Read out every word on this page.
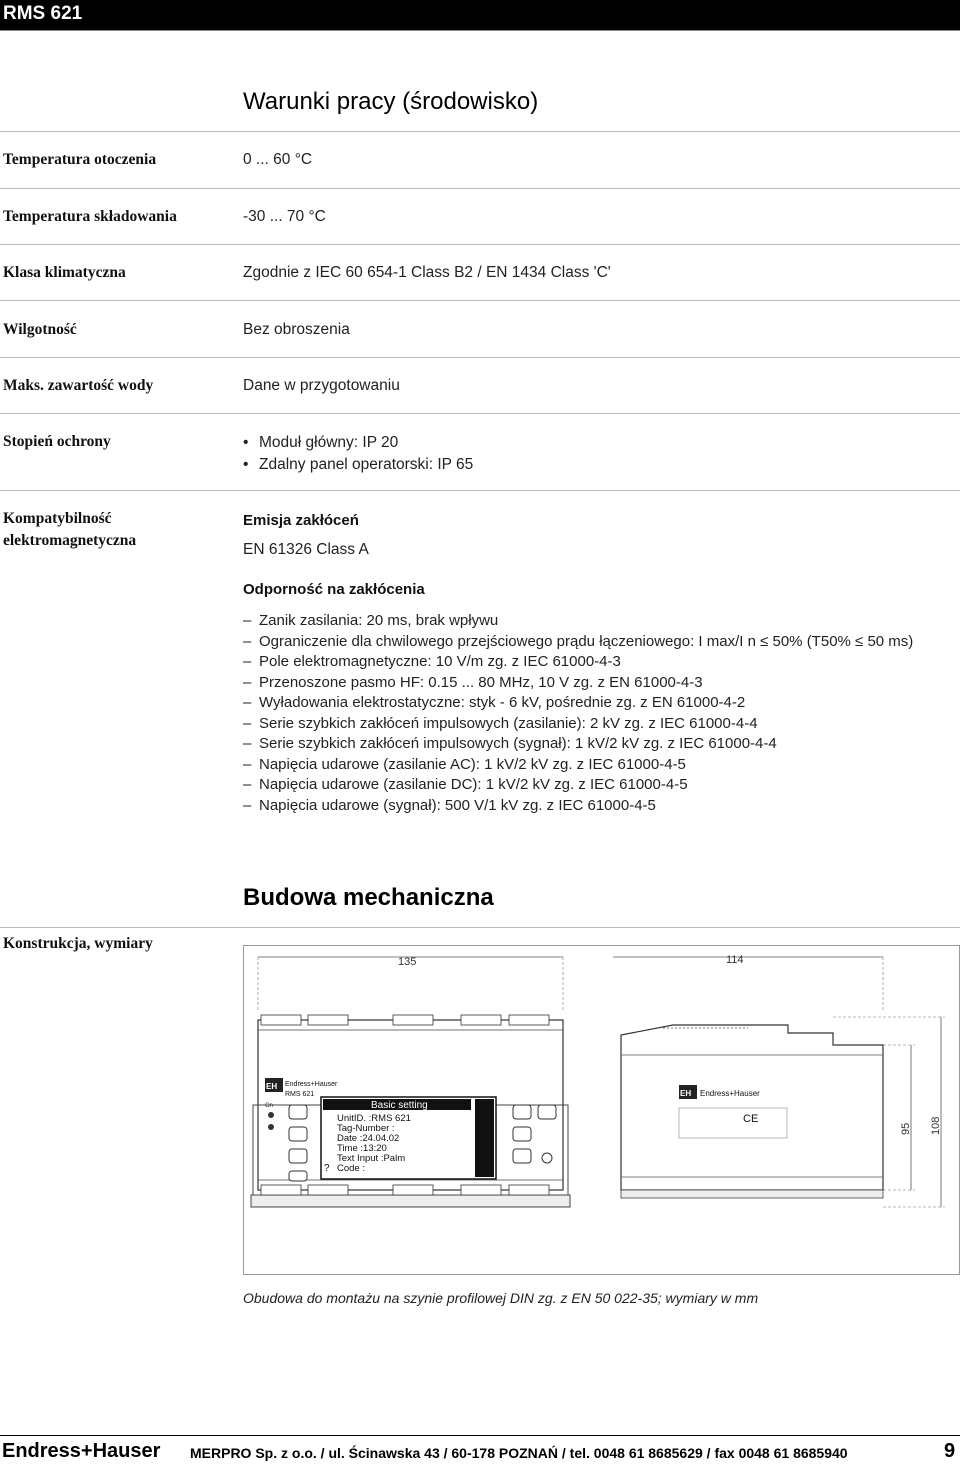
RMS 621
Warunki pracy (środowisko)
Temperatura otoczenia	0 ... 60 °C
Temperatura składowania	-30 ... 70 °C
Klasa klimatyczna	Zgodnie z IEC 60 654-1 Class B2 / EN 1434 Class 'C'
Wilgotność	Bez obroszenia
Maks. zawartość wody	Dane w przygotowaniu
Stopień ochrony
•	Moduł główny: IP 20
• Zdalny panel operatorski: IP 65
Kompatybilność
elektromagnetyczna
Emisja zakłóceń
EN 61326 Class A
Odporność na zakłócenia
– Zanik zasilania: 20 ms, brak wpływu
– Ograniczenie dla chwilowego przejściowego prądu łączeniowego: I max/I n ≤ 50% (T50% ≤ 50 ms)
– Pole elektromagnetyczne: 10 V/m zg. z IEC 61000-4-3
– Przenoszone pasmo HF: 0.15 ... 80 MHz, 10 V zg. z EN 61000-4-3
– Wyładowania elektrostatyczne: styk - 6 kV, pośrednie zg. z EN 61000-4-2
– Serie szybkich zakłóceń impulsowych (zasilanie): 2 kV zg. z IEC 61000-4-4
– Serie szybkich zakłóceń impulsowych (sygnał): 1 kV/2 kV zg. z IEC 61000-4-4
– Napięcia udarowe (zasilanie AC): 1 kV/2 kV zg. z IEC 61000-4-5
– Napięcia udarowe (zasilanie DC): 1 kV/2 kV zg. z IEC 61000-4-5
– Napięcia udarowe (sygnał): 500 V/1 kV zg. z IEC 61000-4-5
Budowa mechaniczna
Konstrukcja, wymiary
135	114
EH Endress+Hauser
RMS 621
On	Basic setting
UnitID. :RMS 621
Tag-Number :
Date :24.04.02
Time :13:20
Text Input :Palm
Code :
?
EH Endress+Hauser
CE
95 108
Obudowa do montażu na szynie profilowej DIN zg. z EN 50 022-35; wymiary w mm
Endress+Hauser MERPRO Sp. z o.o. / ul. Ścinawska 43 / 60-178 POZNAŃ / tel. 0048 61 8685629 / fax 0048 61 8685940	9
